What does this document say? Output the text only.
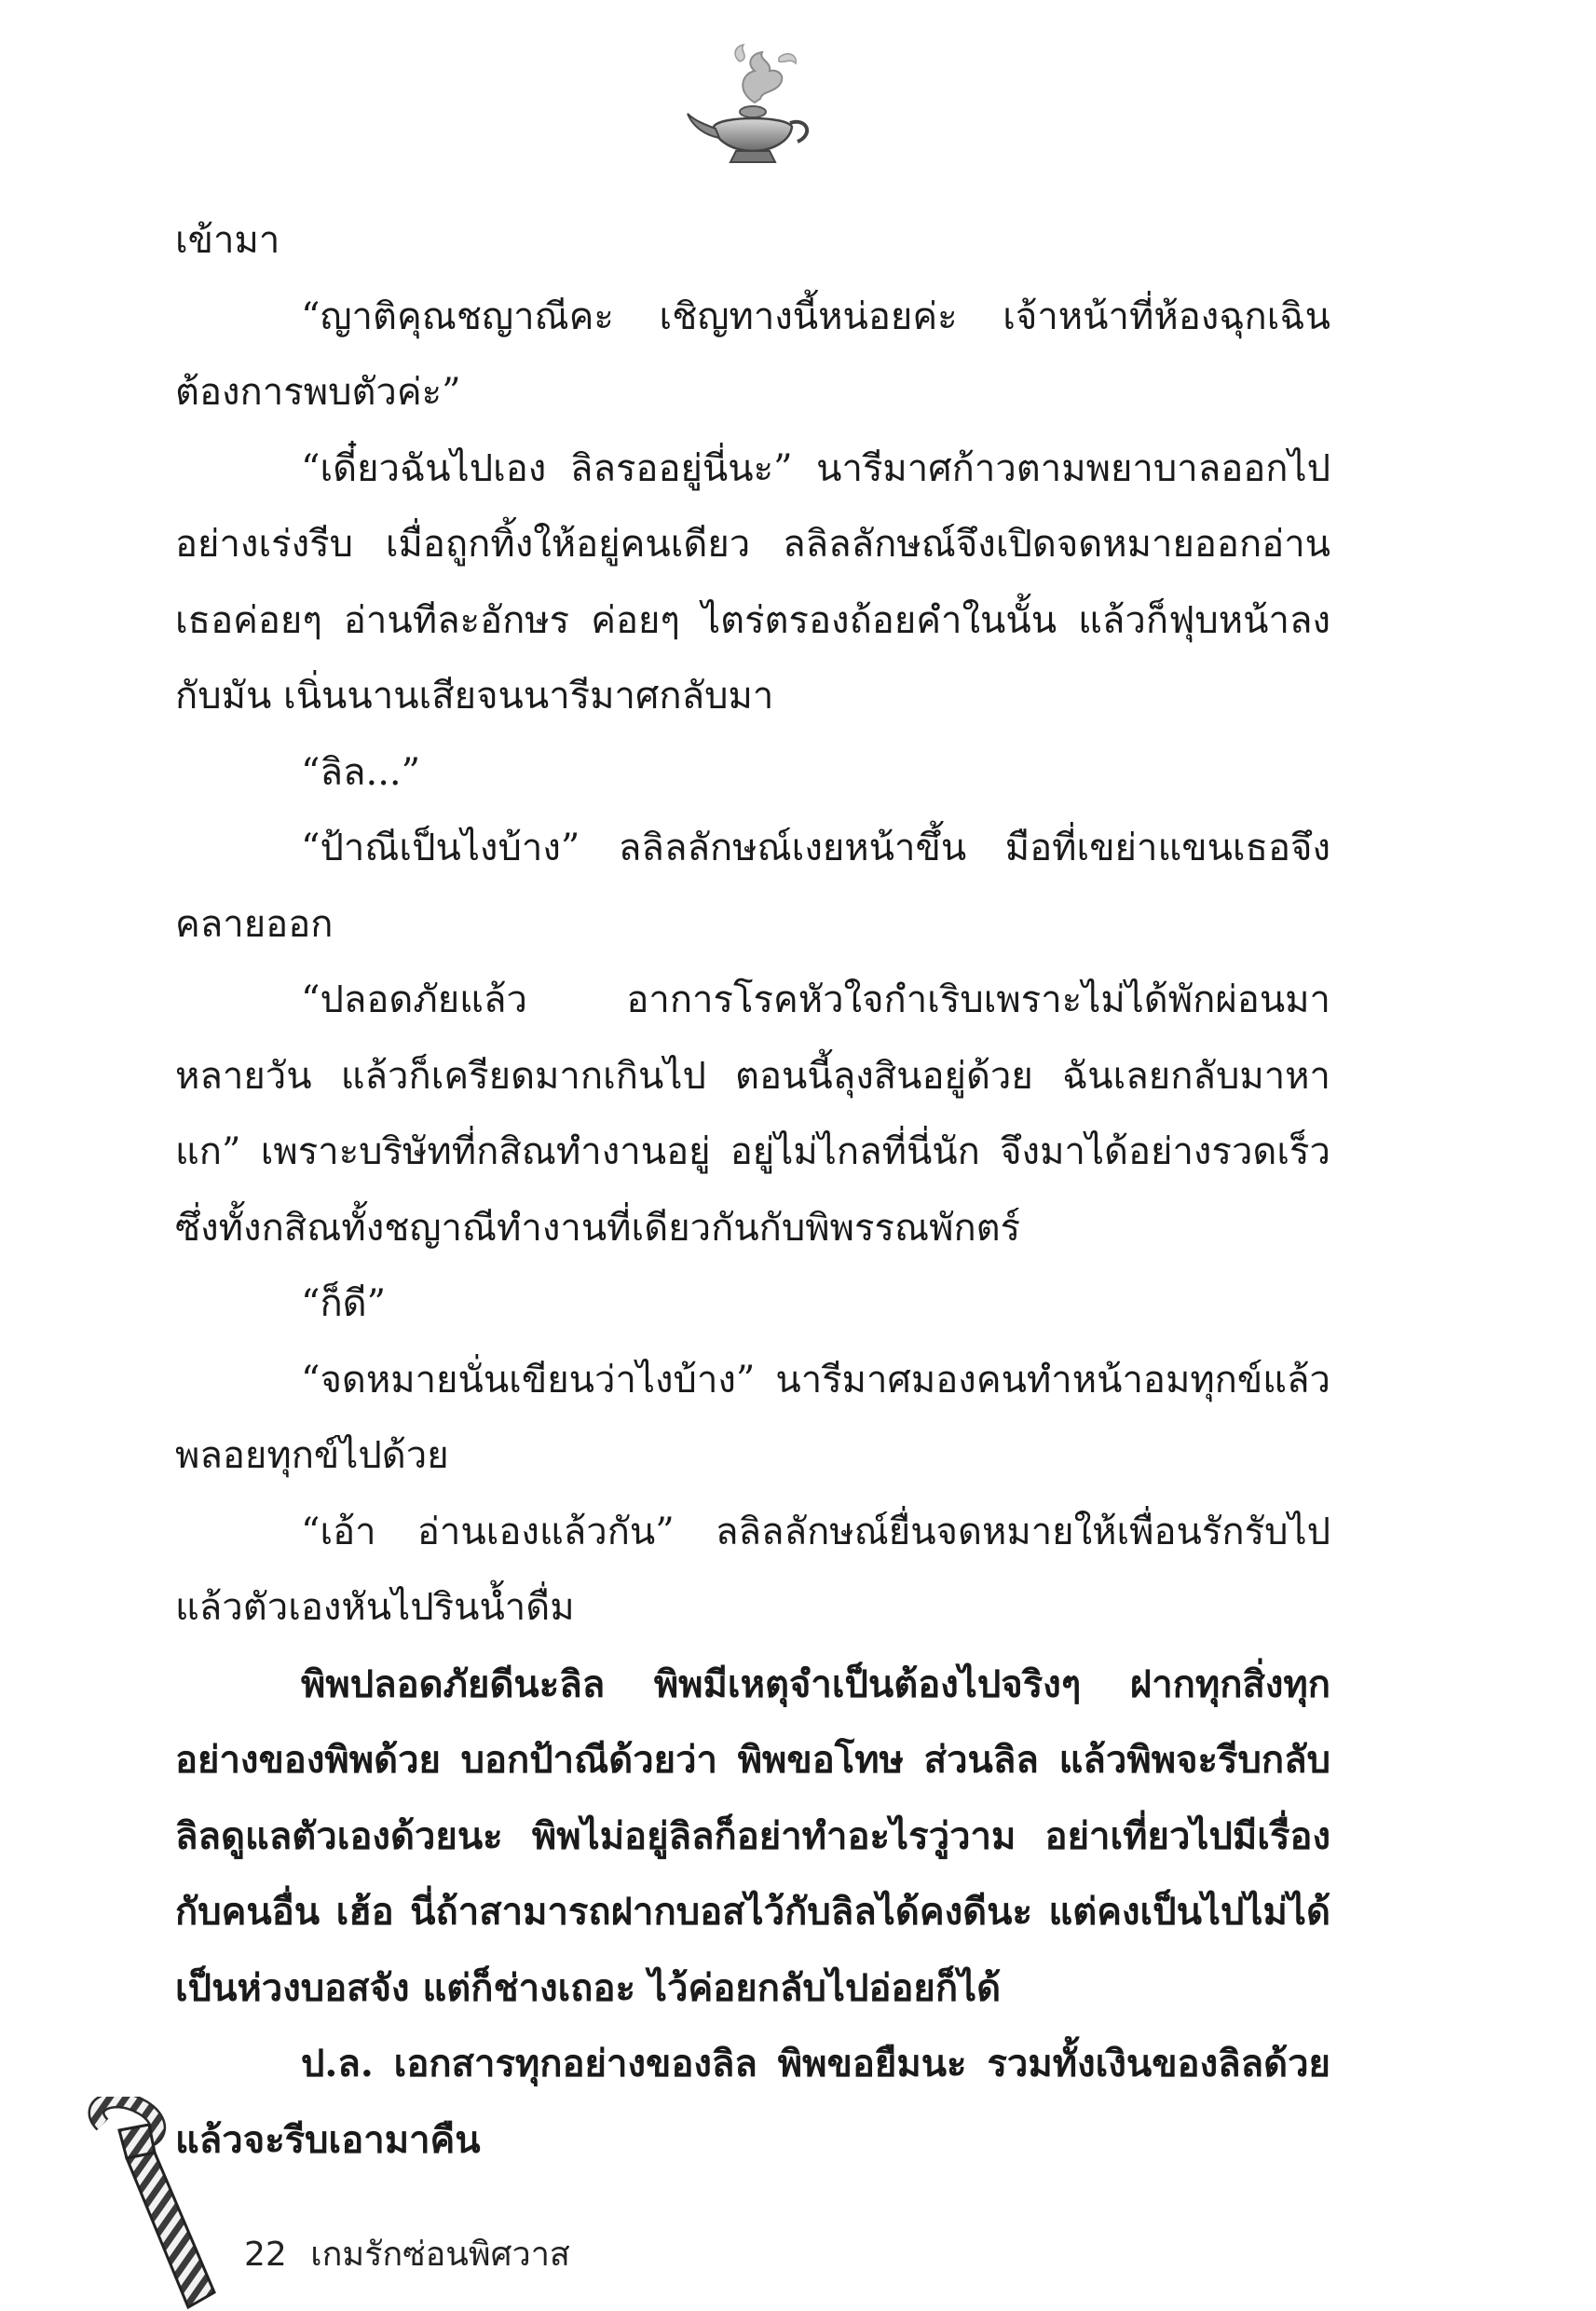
เข้ามา

“ญาติคุณชญาณีคะ เชิญทางนี้หน่อยค่ะ เจ้าหน้าที่ห้องฉุกเฉินต้องการพบตัวค่ะ”

“เดี๋ยวฉันไปเอง ลิลรออยู่นี่นะ” นารีมาศก้าวตามพยาบาลออกไปอย่างเร่งรีบ เมื่อถูกทิ้งให้อยู่คนเดียว ลลิลลักษณ์จึงเปิดจดหมายออกอ่าน เธอค่อยๆ อ่านทีละอักษร ค่อยๆ ไตร่ตรองถ้อยคำในนั้น แล้วก็ฟุบหน้าลงกับมัน เนิ่นนานเสียจนนารีมาศกลับมา

“ลิล...”

“ป้าณีเป็นไงบ้าง” ลลิลลักษณ์เงยหน้าขึ้น มือที่เขย่าแขนเธอจึงคลายออก

“ปลอดภัยแล้ว อาการโรคหัวใจกำเริบเพราะไม่ได้พักผ่อนมาหลายวัน แล้วก็เครียดมากเกินไป ตอนนี้ลุงสินอยู่ด้วย ฉันเลยกลับมาหาแก” เพราะบริษัทที่กสิณทำงานอยู่ อยู่ไม่ไกลที่นี่นัก จึงมาได้อย่างรวดเร็ว ซึ่งทั้งกสิณทั้งชญาณีทำงานที่เดียวกันกับพิพรรณพักตร์

“ก็ดี”

“จดหมายนั่นเขียนว่าไงบ้าง” นารีมาศมองคนทำหน้าอมทุกข์แล้วพลอยทุกข์ไปด้วย

“เอ้า อ่านเองแล้วกัน” ลลิลลักษณ์ยื่นจดหมายให้เพื่อนรักรับไปแล้วตัวเองหันไปรินน้ำดื่ม

พิพปลอดภัยดีนะลิล พิพมีเหตุจำเป็นต้องไปจริงๆ ฝากทุกสิ่งทุกอย่างของพิพด้วย บอกป้าณีด้วยว่า พิพขอโทษ ส่วนลิล แล้วพิพจะรีบกลับ ลิลดูแลตัวเองด้วยนะ พิพไม่อยู่ลิลก็อย่าทำอะไรวู่วาม อย่าเที่ยวไปมีเรื่องกับคนอื่น เฮ้อ นี่ถ้าสามารถฝากบอสไว้กับลิลได้คงดีนะ แต่คงเป็นไปไม่ได้ เป็นห่วงบอสจัง แต่ก็ช่างเถอะ ไว้ค่อยกลับไปอ่อยก็ได้

ป.ล. เอกสารทุกอย่างของลิล พิพขอยืมนะ รวมทั้งเงินของลิลด้วย แล้วจะรีบเอามาคืน

22 เกมรักซ่อนพิศวาส
